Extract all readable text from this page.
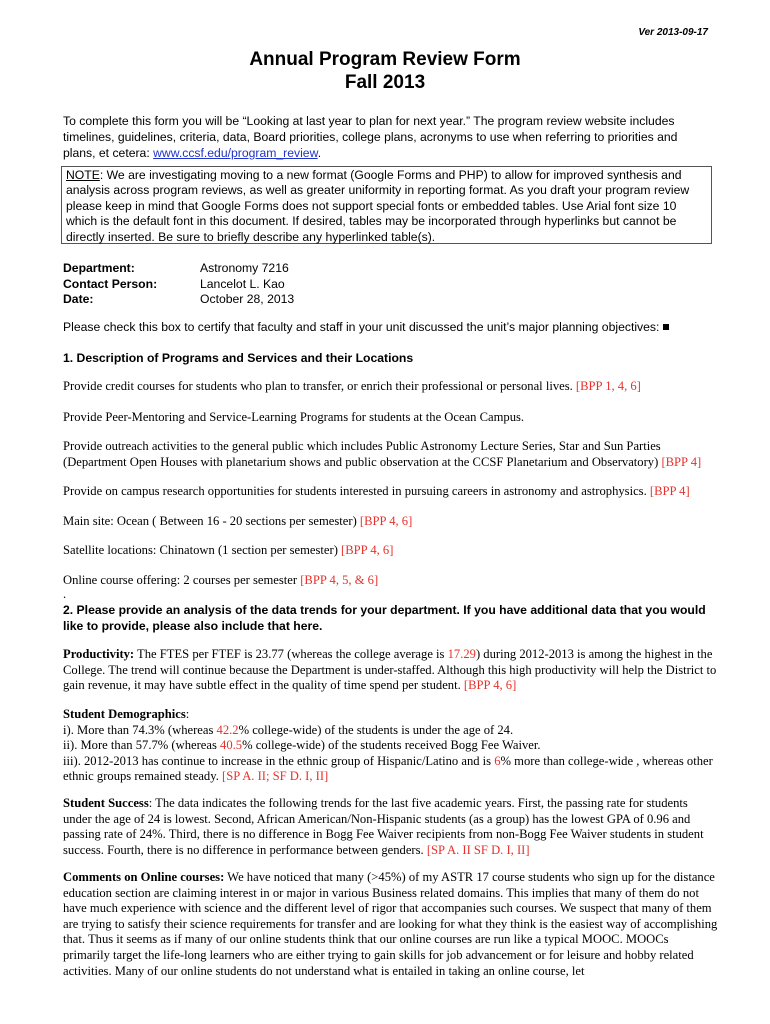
Ver 2013-09-17
Annual Program Review Form
Fall 2013
To complete this form you will be “Looking at last year to plan for next year.” The program review website includes timelines, guidelines, criteria, data, Board priorities, college plans, acronyms to use when referring to priorities and plans, et cetera: www.ccsf.edu/program_review.
NOTE: We are investigating moving to a new format (Google Forms and PHP) to allow for improved synthesis and analysis across program reviews, as well as greater uniformity in reporting format. As you draft your program review please keep in mind that Google Forms does not support special fonts or embedded tables. Use Arial font size 10 which is the default font in this document. If desired, tables may be incorporated through hyperlinks but cannot be directly inserted. Be sure to briefly describe any hyperlinked table(s).
Department:	Astronomy 7216
Contact Person:	Lancelot L. Kao
Date:	October 28, 2013
Please check this box to certify that faculty and staff in your unit discussed the unit’s major planning objectives:
1. Description of Programs and Services and their Locations
Provide credit courses for students who plan to transfer, or enrich their professional or personal lives. [BPP 1, 4, 6]
Provide Peer-Mentoring and Service-Learning Programs for students at the Ocean Campus.
Provide outreach activities to the general public which includes Public Astronomy Lecture Series, Star and Sun Parties (Department Open Houses with planetarium shows and public observation at the CCSF Planetarium and Observatory) [BPP 4]
Provide on campus research opportunities for students interested in pursuing careers in astronomy and astrophysics. [BPP 4]
Main site: Ocean ( Between 16 - 20 sections per semester) [BPP 4, 6]
Satellite locations: Chinatown (1 section per semester) [BPP 4, 6]
Online course offering: 2 courses per semester [BPP 4, 5, & 6]
.
2. Please provide an analysis of the data trends for your department. If you have additional data that you would like to provide, please also include that here.
Productivity: The FTES per FTEF is 23.77 (whereas the college average is 17.29) during 2012-2013 is among the highest in the College. The trend will continue because the Department is under-staffed. Although this high productivity will help the District to gain revenue, it may have subtle effect in the quality of time spend per student. [BPP 4, 6]
Student Demographics:
i). More than 74.3% (whereas 42.2% college-wide) of the students is under the age of 24.
ii). More than 57.7% (whereas 40.5% college-wide) of the students received Bogg Fee Waiver.
iii). 2012-2013 has continue to increase in the ethnic group of Hispanic/Latino and is 6% more than college-wide , whereas other ethnic groups remained steady. [SP A. II; SF D. I, II]
Student Success: The data indicates the following trends for the last five academic years. First, the passing rate for students under the age of 24 is lowest. Second, African American/Non-Hispanic students (as a group) has the lowest GPA of 0.96 and passing rate of 24%. Third, there is no difference in Bogg Fee Waiver recipients from non-Bogg Fee Waiver students in student success. Fourth, there is no difference in performance between genders. [SP A. II SF D. I, II]
Comments on Online courses: We have noticed that many (>45%) of my ASTR 17 course students who sign up for the distance education section are claiming interest in or major in various Business related domains. This implies that many of them do not have much experience with science and the different level of rigor that accompanies such courses. We suspect that many of them are trying to satisfy their science requirements for transfer and are looking for what they think is the easiest way of accomplishing that. Thus it seems as if many of our online students think that our online courses are run like a typical MOOC. MOOCs primarily target the life-long learners who are either trying to gain skills for job advancement or for leisure and hobby related activities. Many of our online students do not understand what is entailed in taking an online course, let
